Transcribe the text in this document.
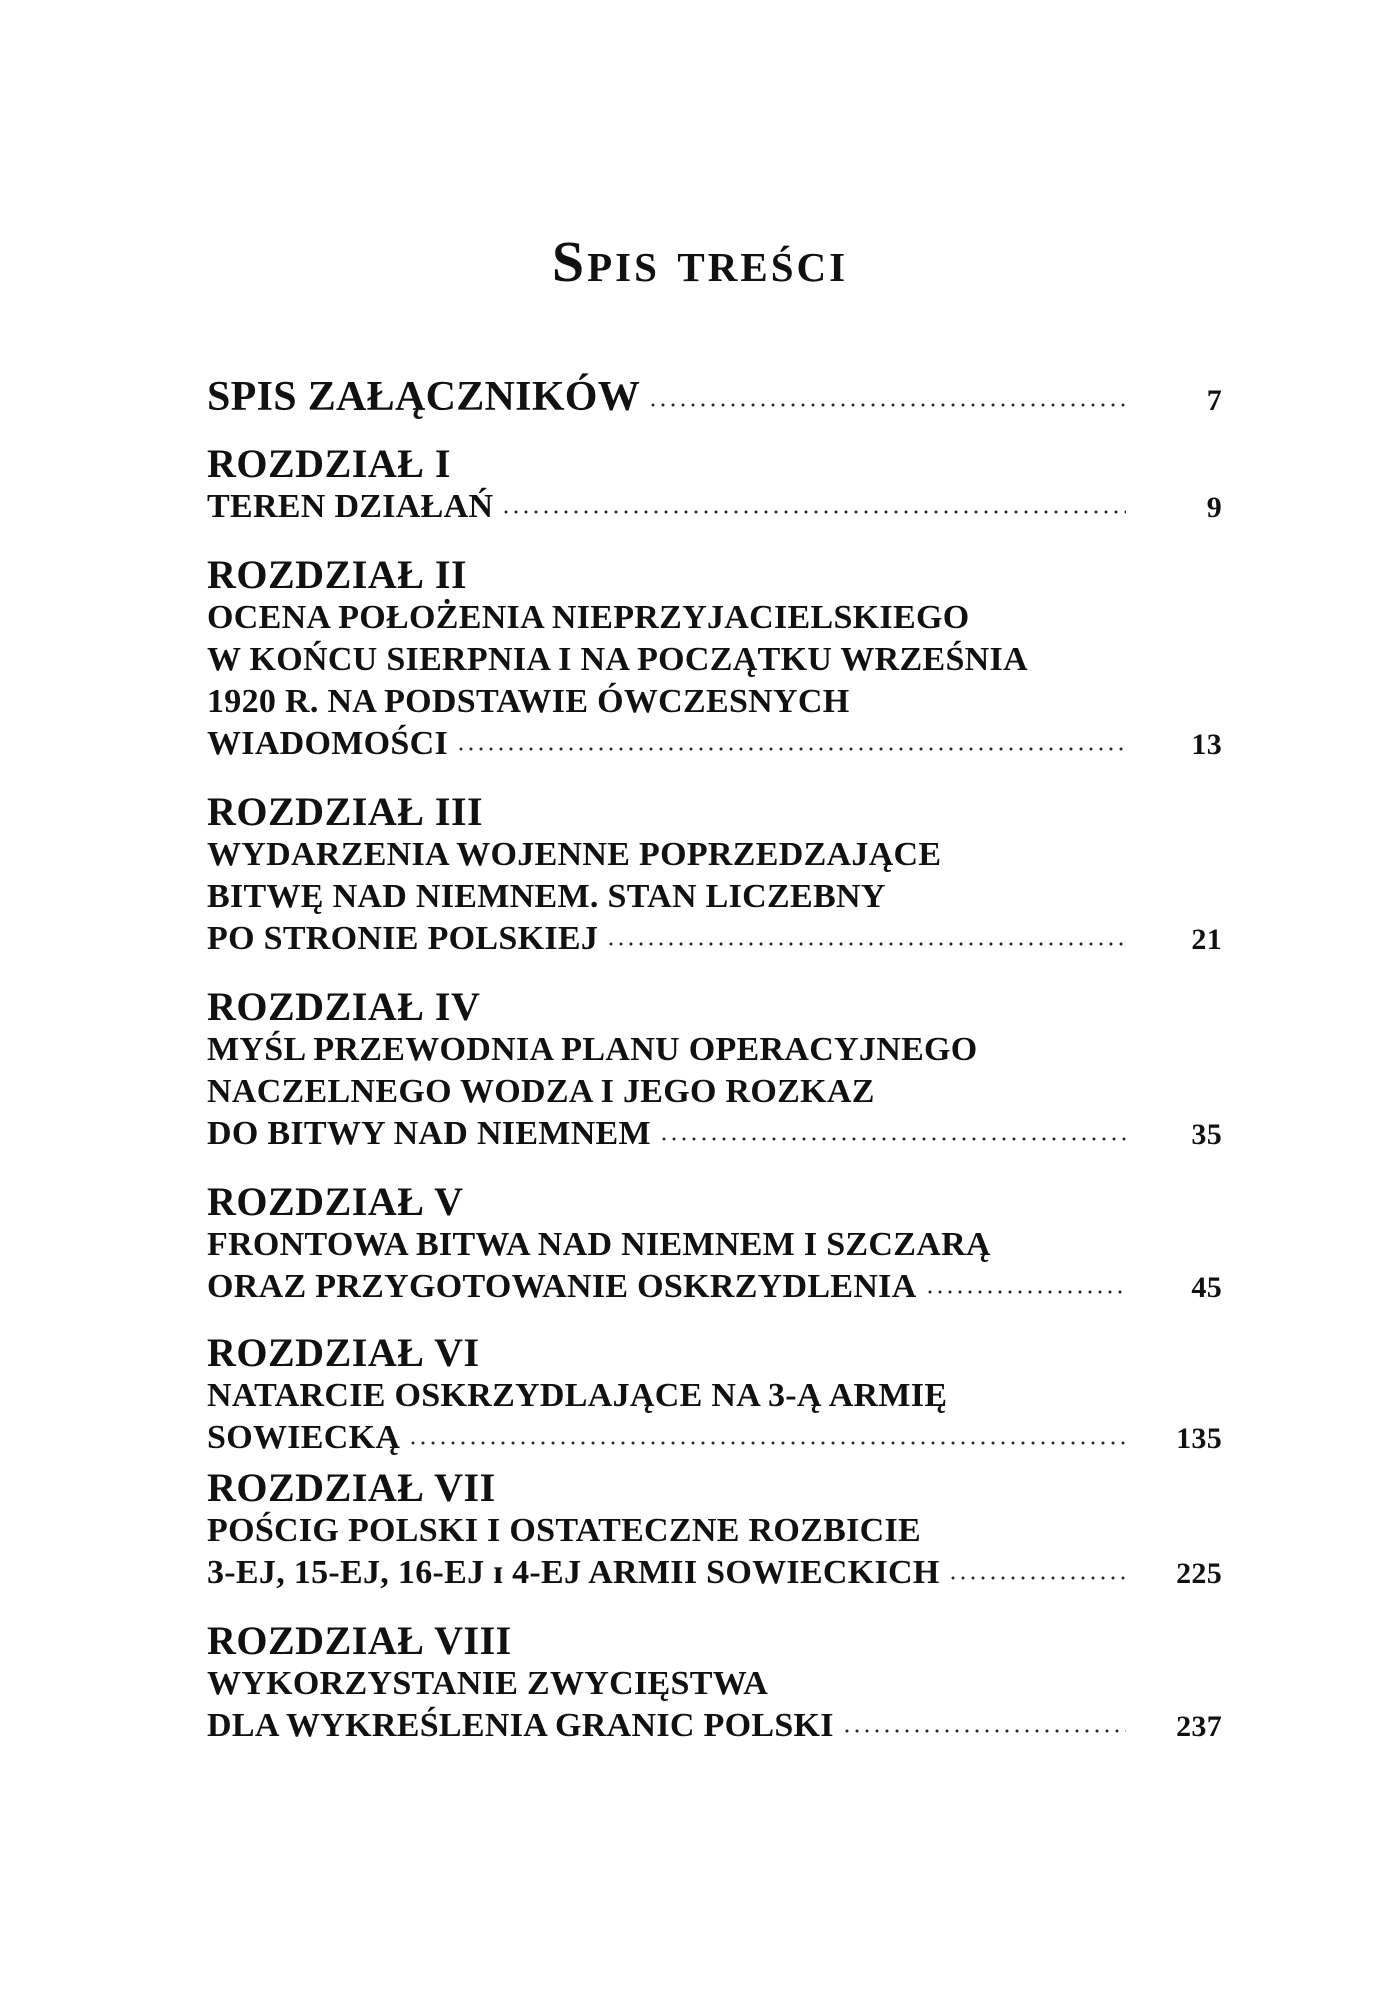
Spis treści
SPIS ZAŁĄCZNIKÓW	7
ROZDZIAŁ I
TEREN DZIAŁAŃ	9
ROZDZIAŁ II
OCENA POŁOŻENIA NIEPRZYJACIELSKIEGO
W KOŃCU SIERPNIA I NA POCZĄTKU WRZEŚNIA
1920 R. NA PODSTAWIE ÓWCZESNYCH
WIADOMOŚCI	13
ROZDZIAŁ III
WYDARZENIA WOJENNE POPRZEDZAJĄCE
BITWĘ NAD NIEMNEM. STAN LICZEBNY
PO STRONIE POLSKIEJ	21
ROZDZIAŁ IV
MYŚL PRZEWODNIA PLANU OPERACYJNEGO
NACZELNEGO WODZA I JEGO ROZKAZ
DO BITWY NAD NIEMNEM	35
ROZDZIAŁ V
FRONTOWA BITWA NAD NIEMNEM I SZCZARĄ
ORAZ PRZYGOTOWANIE OSKRZYDLENIA	45
ROZDZIAŁ VI
NATARCIE OSKRZYDLAJĄCE NA 3-Ą ARMIĘ
SOWIECKĄ	135
ROZDZIAŁ VII
POŚCIG POLSKI I OSTATECZNE ROZBICIE
3-EJ, 15-EJ, 16-EJ ɪ 4-EJ ARMII SOWIECKICH	225
ROZDZIAŁ VIII
WYKORZYSTANIE ZWYCIĘSTWA
DLA WYKREŚLENIA GRANIC POLSKI	237
